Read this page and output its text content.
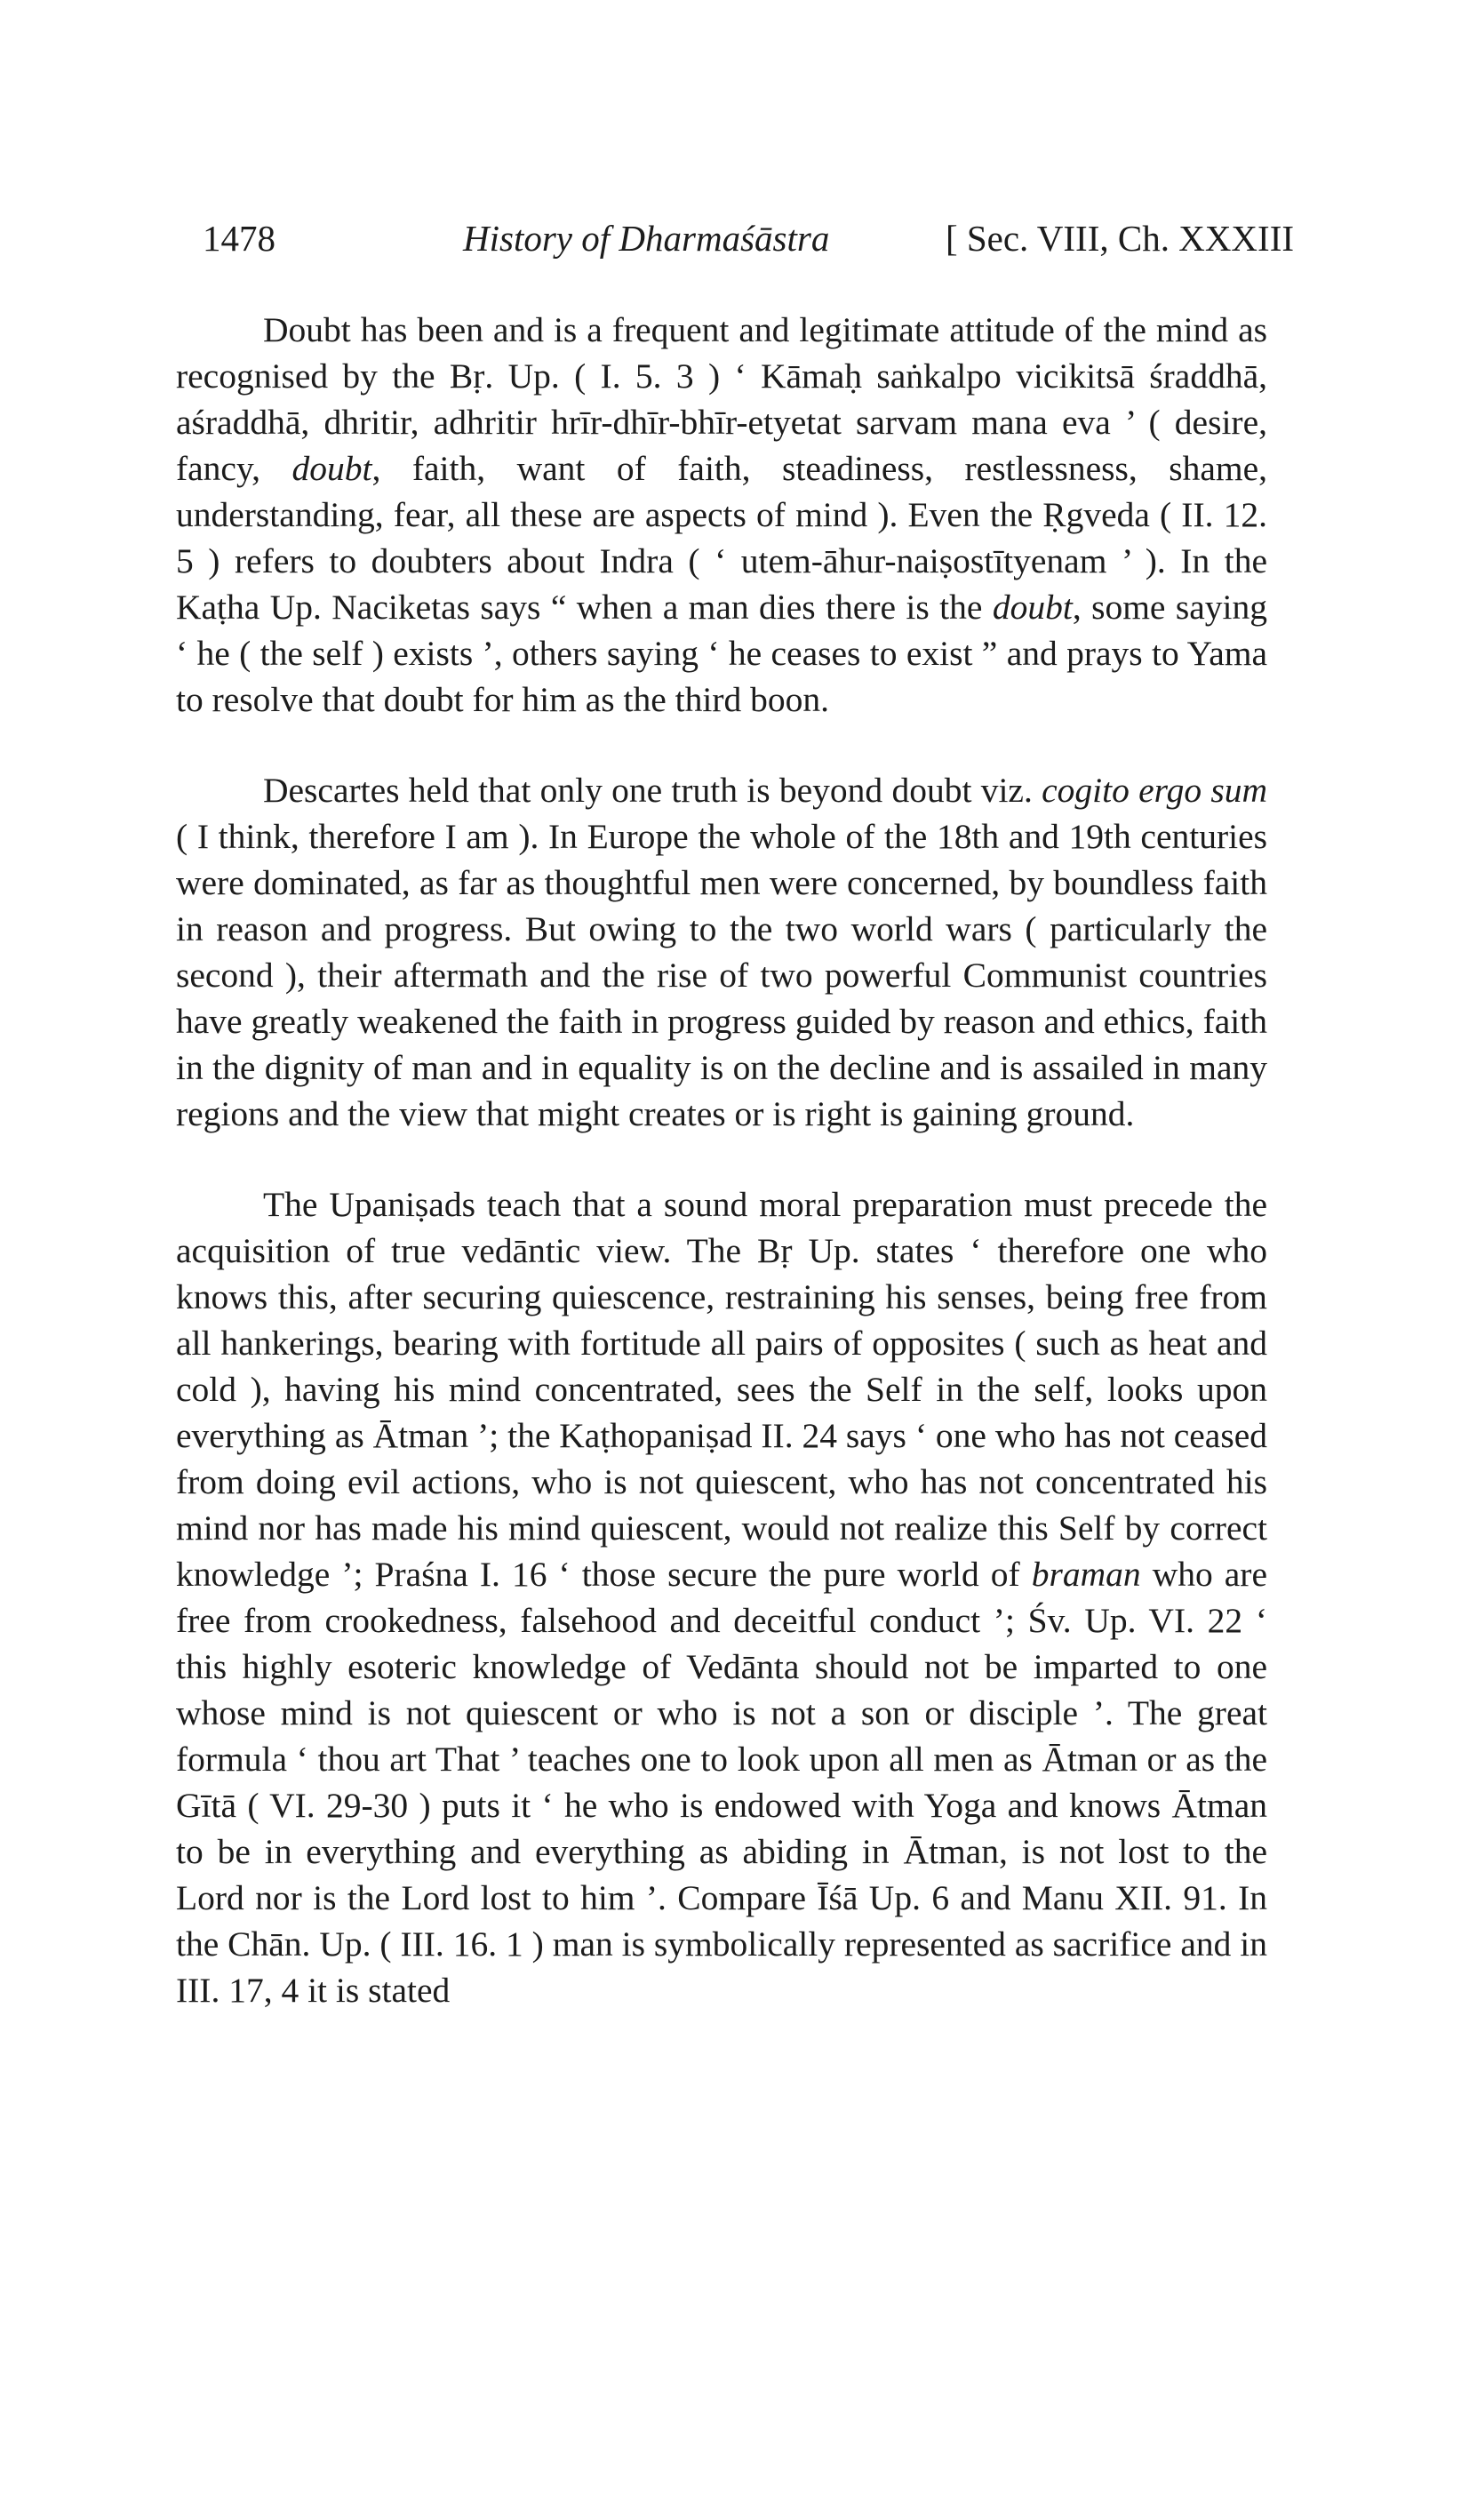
1478	History of Dharmaśāstra	[ Sec. VIII, Ch. XXXIII

Doubt has been and is a frequent and legitimate attitude of the mind as recognised by the Bṛ. Up. ( I. 5. 3 ) ‘ Kāmaḥ saṅkalpo vicikitsā śraddhā, aśraddhā, dhritir, adhritir hrīr-dhīr-bhīr-etyetat sarvam mana eva ’ ( desire, fancy, doubt, faith, want of faith, steadiness, restlessness, shame, understanding, fear, all these are aspects of mind ). Even the Ṛgveda ( II. 12. 5 ) refers to doubters about Indra ( ‘ utem-āhur-naiṣostītyenam ’ ). In the Kaṭha Up. Naciketas says “ when a man dies there is the doubt, some saying ‘ he ( the self ) exists ’, others saying ‘ he ceases to exist ” and prays to Yama to resolve that doubt for him as the third boon.

Descartes held that only one truth is beyond doubt viz. cogito ergo sum ( I think, therefore I am ). In Europe the whole of the 18th and 19th centuries were dominated, as far as thoughtful men were concerned, by boundless faith in reason and progress. But owing to the two world wars ( particularly the second ), their aftermath and the rise of two powerful Communist countries have greatly weakened the faith in progress guided by reason and ethics, faith in the dignity of man and in equality is on the decline and is assailed in many regions and the view that might creates or is right is gaining ground.

The Upaniṣads teach that a sound moral preparation must precede the acquisition of true vedāntic view. The Bṛ Up. states ‘ therefore one who knows this, after securing quiescence, restraining his senses, being free from all hankerings, bearing with fortitude all pairs of opposites ( such as heat and cold ), having his mind concentrated, sees the Self in the self, looks upon everything as Ātman ’; the Kaṭhopaniṣad II. 24 says ‘ one who has not ceased from doing evil actions, who is not quiescent, who has not concentrated his mind nor has made his mind quiescent, would not realize this Self by correct knowledge ’; Praśna I. 16 ‘ those secure the pure world of braman who are free from crookedness, falsehood and deceitful conduct ’; Śv. Up. VI. 22 ‘ this highly esoteric knowledge of Vedānta should not be imparted to one whose mind is not quiescent or who is not a son or disciple ’. The great formula ‘ thou art That ’ teaches one to look upon all men as Ātman or as the Gītā ( VI. 29-30 ) puts it ‘ he who is endowed with Yoga and knows Ātman to be in everything and everything as abiding in Ātman, is not lost to the Lord nor is the Lord lost to him ’. Compare Īśā Up. 6 and Manu XII. 91. In the Chān. Up. ( III. 16. 1 ) man is symbolically represented as sacrifice and in III. 17, 4 it is stated
